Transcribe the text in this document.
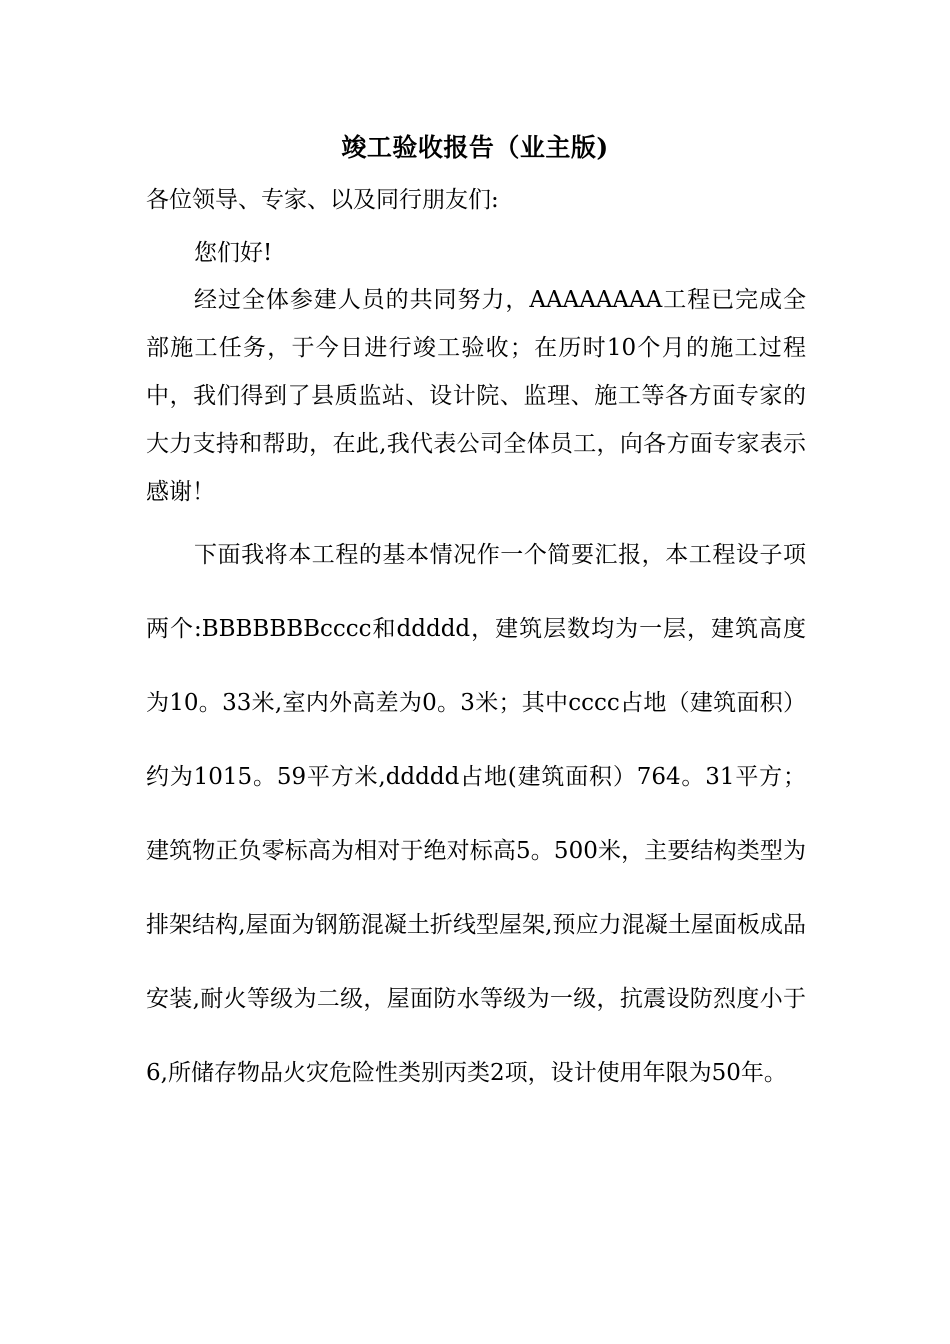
竣工验收报告（业主版)
各位领导、专家、以及同行朋友们:
您们好!
经过全体参建人员的共同努力，AAAAAAAA工程已完成全部施工任务，于今日进行竣工验收；在历时10个月的施工过程中，我们得到了县质监站、设计院、监理、施工等各方面专家的大力支持和帮助，在此,我代表公司全体员工，向各方面专家表示感谢！
下面我将本工程的基本情况作一个简要汇报，本工程设子项两个:BBBBBBBcccc和ddddd，建筑层数均为一层，建筑高度为10。33米,室内外高差为0。3米；其中cccc占地（建筑面积）约为1015。59平方米,ddddd占地(建筑面积）764。31平方；建筑物正负零标高为相对于绝对标高5。500米，主要结构类型为排架结构,屋面为钢筋混凝土折线型屋架,预应力混凝土屋面板成品安装,耐火等级为二级，屋面防水等级为一级，抗震设防烈度小于6,所储存物品火灾危险性类别丙类2项，设计使用年限为50年。
